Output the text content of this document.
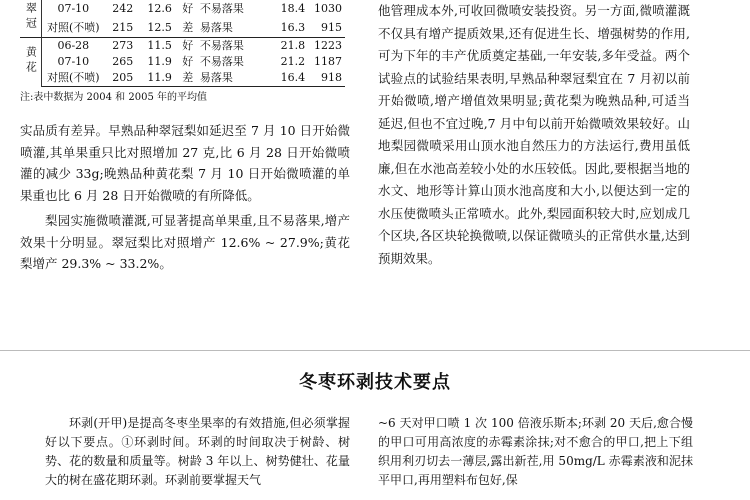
翠冠	07-10	242	12.6	好	不易落果	18.4	1030
	对照(不喷)	215	12.5	差	易落果	16.3	915
黄花	06-28	273	11.5	好	不易落果	21.8	1223
	07-10	265	11.9	好	不易落果	21.2	1187
	对照(不喷)	205	11.9	差	易落果	16.4	918
注:表中数据为 2004 和 2005 年的平均值

实品质有差异。早熟品种翠冠梨如延迟至 7 月 10 日开始微喷灌,其单果重只比对照增加 27 克,比 6 月 28 日开始微喷灌的减少 33g;晚熟品种黄花梨 7 月 10 日开始微喷灌的单果重也比 6 月 28 日开始微喷的有所降低。

梨园实施微喷灌溉,可显著提高单果重,且不易落果,增产效果十分明显。翠冠梨比对照增产 12.6% ~ 27.9%;黄花梨增产 29.3% ~ 33.2%。

他管理成本外,可收回微喷安装投资。另一方面,微喷灌溉不仅具有增产提质效果,还有促进生长、增强树势的作用,可为下年的丰产优质奠定基础,一年安装,多年受益。两个试验点的试验结果表明,早熟品种翠冠梨宜在 7 月初以前开始微喷,增产增值效果明显;黄花梨为晚熟品种,可适当延迟,但也不宜过晚,7 月中旬以前开始微喷效果较好。山地梨园微喷采用山顶水池自然压力的方法运行,费用虽低廉,但在水池高差较小处的水压较低。因此,要根据当地的水文、地形等计算山顶水池高度和大小,以便达到一定的水压使微喷头正常喷水。此外,梨园面积较大时,应划成几个区块,各区块轮换微喷,以保证微喷头的正常供水量,达到预期效果。

冬枣环剥技术要点

环剥(开甲)是提高冬枣坐果率的有效措施,但必须掌握好以下要点。①环剥时间。环剥的时间取决于树龄、树势、花的数量和质量等。树龄 3 年以上、树势健壮、花量大的树在盛花期环剥。环剥前要掌握天气

~6 天对甲口喷 1 次 100 倍液乐斯本;环剥 20 天后,愈合慢的甲口可用高浓度的赤霉素涂抹;对不愈合的甲口,把上下组织用利刃切去一薄层,露出新茬,用 50mg/L 赤霉素液和泥抹平甲口,再用塑料布包好,保
